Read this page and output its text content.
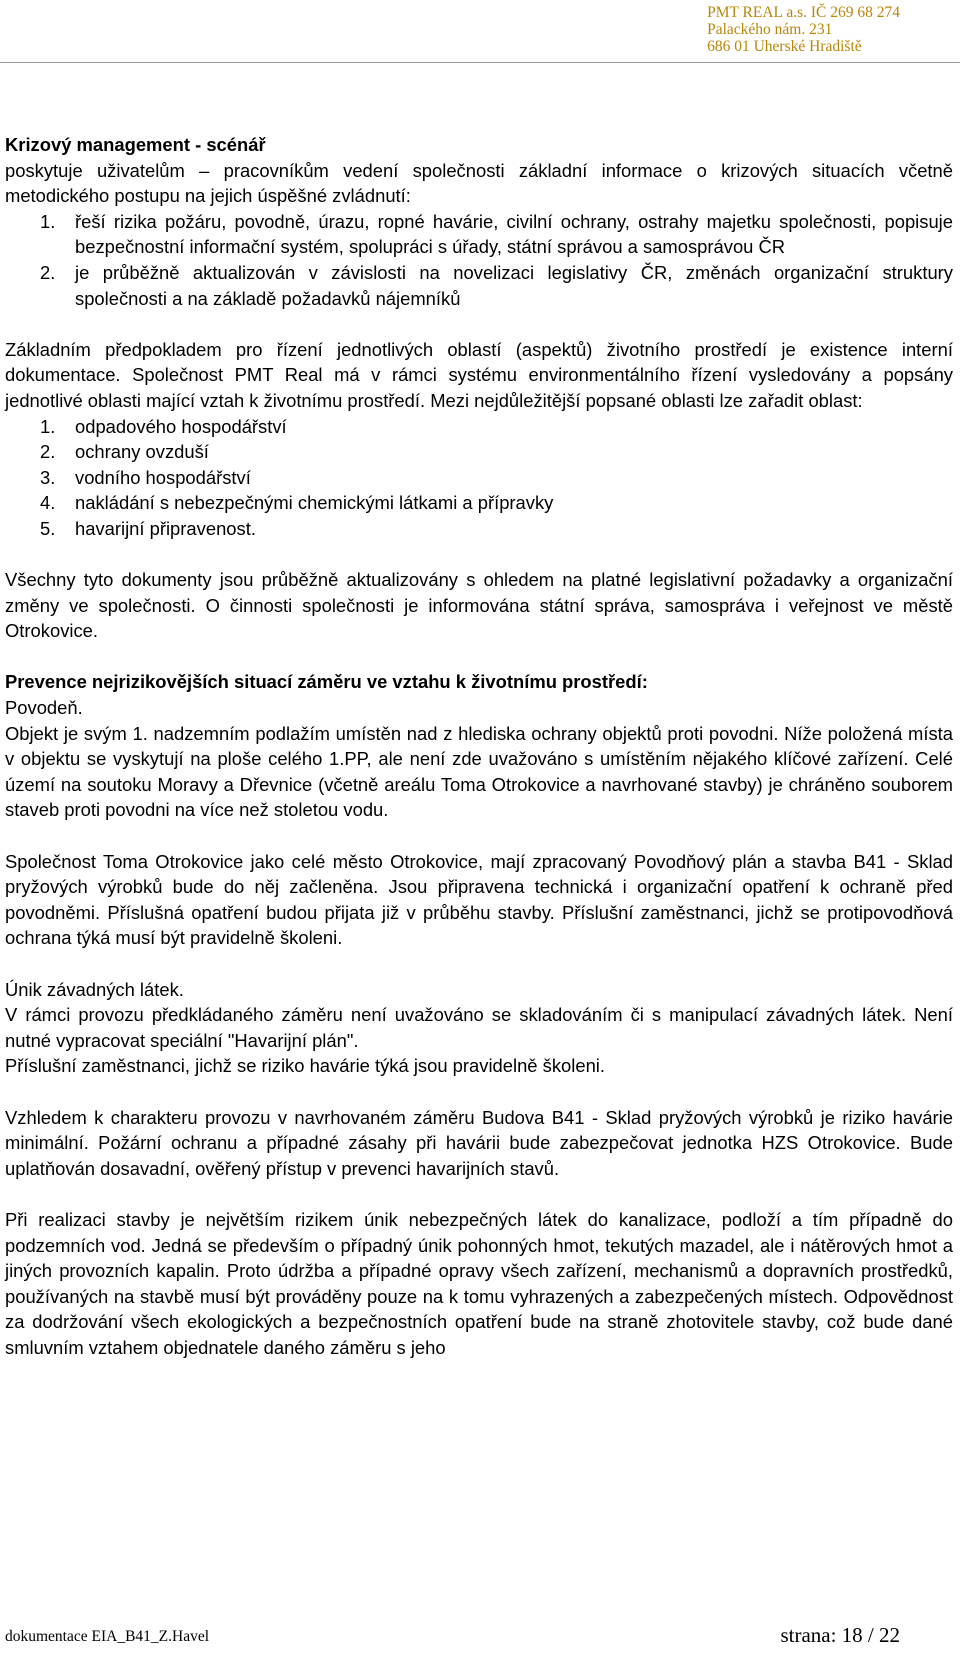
PMT REAL a.s. IČ 269 68 274
Palackého nám. 231
686 01 Uherské Hradiště

Krizový management - scénář

poskytuje uživatelům – pracovníkům vedení společnosti základní informace o krizových situacích včetně metodického postupu na jejich úspěšné zvládnutí:

1. řeší rizika požáru, povodně, úrazu, ropné havárie, civilní ochrany, ostrahy majetku společnosti, popisuje bezpečnostní informační systém, spolupráci s úřady, státní správou a samosprávou ČR
2. je průběžně aktualizován v závislosti na novelizaci legislativy ČR, změnách organizační struktury společnosti a na základě požadavků nájemníků

Základním předpokladem pro řízení jednotlivých oblastí (aspektů) životního prostředí je existence interní dokumentace. Společnost PMT Real má v rámci systému environmentálního řízení vysledovány a popsány jednotlivé oblasti mající vztah k životnímu prostředí. Mezi nejdůležitější popsané oblasti lze zařadit oblast:

1. odpadového hospodářství
2. ochrany ovzduší
3. vodního hospodářství
4. nakládání s nebezpečnými chemickými látkami a přípravky
5. havarijní připravenost.

Všechny tyto dokumenty jsou průběžně aktualizovány s ohledem na platné legislativní požadavky a organizační změny ve společnosti. O činnosti společnosti je informována státní správa, samospráva i veřejnost ve městě Otrokovice.

Prevence nejrizikovějších situací záměru ve vztahu k životnímu prostředí:

Povodeň.

Objekt je svým 1. nadzemním podlažím umístěn nad z hlediska ochrany objektů proti povodni. Níže položená místa v objektu se vyskytují na ploše celého 1.PP, ale není zde uvažováno s umístěním nějakého klíčové zařízení. Celé území na soutoku Moravy a Dřevnice (včetně areálu Toma Otrokovice a navrhované stavby) je chráněno souborem staveb proti povodni na více než stoletou vodu.

Společnost Toma Otrokovice jako celé město Otrokovice, mají zpracovaný Povodňový plán a stavba B41 - Sklad pryžových výrobků bude do něj začleněna. Jsou připravena technická i organizační opatření k ochraně před povodněmi. Příslušná opatření budou přijata již v průběhu stavby. Příslušní zaměstnanci, jichž se protipovodňová ochrana týká musí být pravidelně školeni.

Únik závadných látek.

V rámci provozu předkládaného záměru není uvažováno se skladováním či s manipulací závadných látek. Není nutné vypracovat speciální "Havarijní plán".

Příslušní zaměstnanci, jichž se riziko havárie týká jsou pravidelně školeni.

Vzhledem k charakteru provozu v navrhovaném záměru Budova B41 - Sklad pryžových výrobků je riziko havárie minimální. Požární ochranu a případné zásahy při havárii bude zabezpečovat jednotka HZS Otrokovice. Bude uplatňován dosavadní, ověřený přístup v prevenci havarijních stavů.

Při realizaci stavby je největším rizikem únik nebezpečných látek do kanalizace, podloží a tím případně do podzemních vod. Jedná se především o případný únik pohonných hmot, tekutých mazadel, ale i nátěrových hmot a jiných provozních kapalin. Proto údržba a případné opravy všech zařízení, mechanismů a dopravních prostředků, používaných na stavbě musí být prováděny pouze na k tomu vyhrazených a zabezpečených místech. Odpovědnost za dodržování všech ekologických a bezpečnostních opatření bude na straně zhotovitele stavby, což bude dané smluvním vztahem objednatele daného záměru s jeho

dokumentace EIA_B41_Z.Havel	strana: 18 / 22
